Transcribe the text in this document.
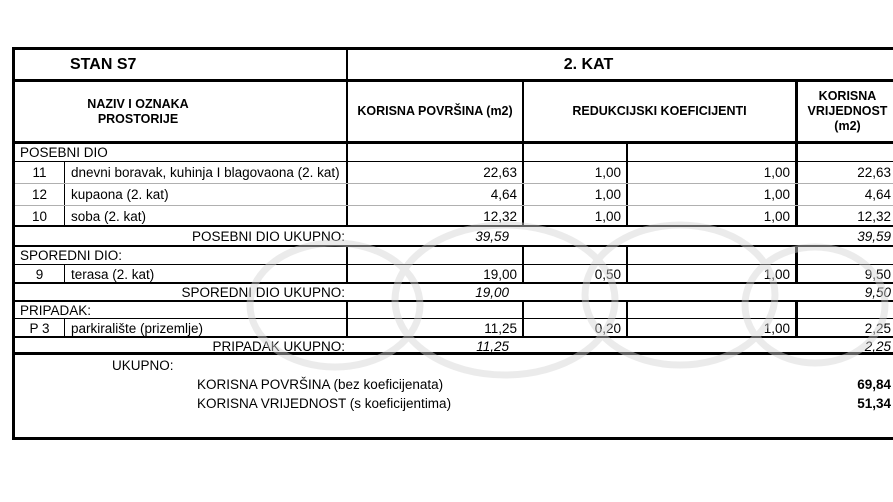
STAN S7	2. KAT
NAZIV I OZNAKA
PROSTORIJE
KORISNA POVRŠINA (m2)	REDUKCIJSKI KOEFICIJENTI
KORISNA
VRIJEDNOST
(m2)
POSEBNI DIO
11	dnevni boravak, kuhinja I blagovaona (2. kat)	22,63	1,00	1,00	22,63
12	kupaona (2. kat)	4,64	1,00	1,00	4,64
10	soba (2. kat)	12,32	1,00	1,00	12,32
POSEBNI DIO UKUPNO:	39,59	39,59
SPOREDNI DIO:
9	terasa (2. kat)	19,00	0,50	1,00	9,50
SPOREDNI DIO UKUPNO:	19,00	9,50
PRIPADAK:
P 3	parkiralište (prizemlje)	11,25	0,20	1,00	2,25
PRIPADAK UKUPNO:	11,25	2,25
UKUPNO:
KORISNA POVRŠINA (bez koeficijenata)	69,84
KORISNA VRIJEDNOST (s koeficijentima)	51,34
